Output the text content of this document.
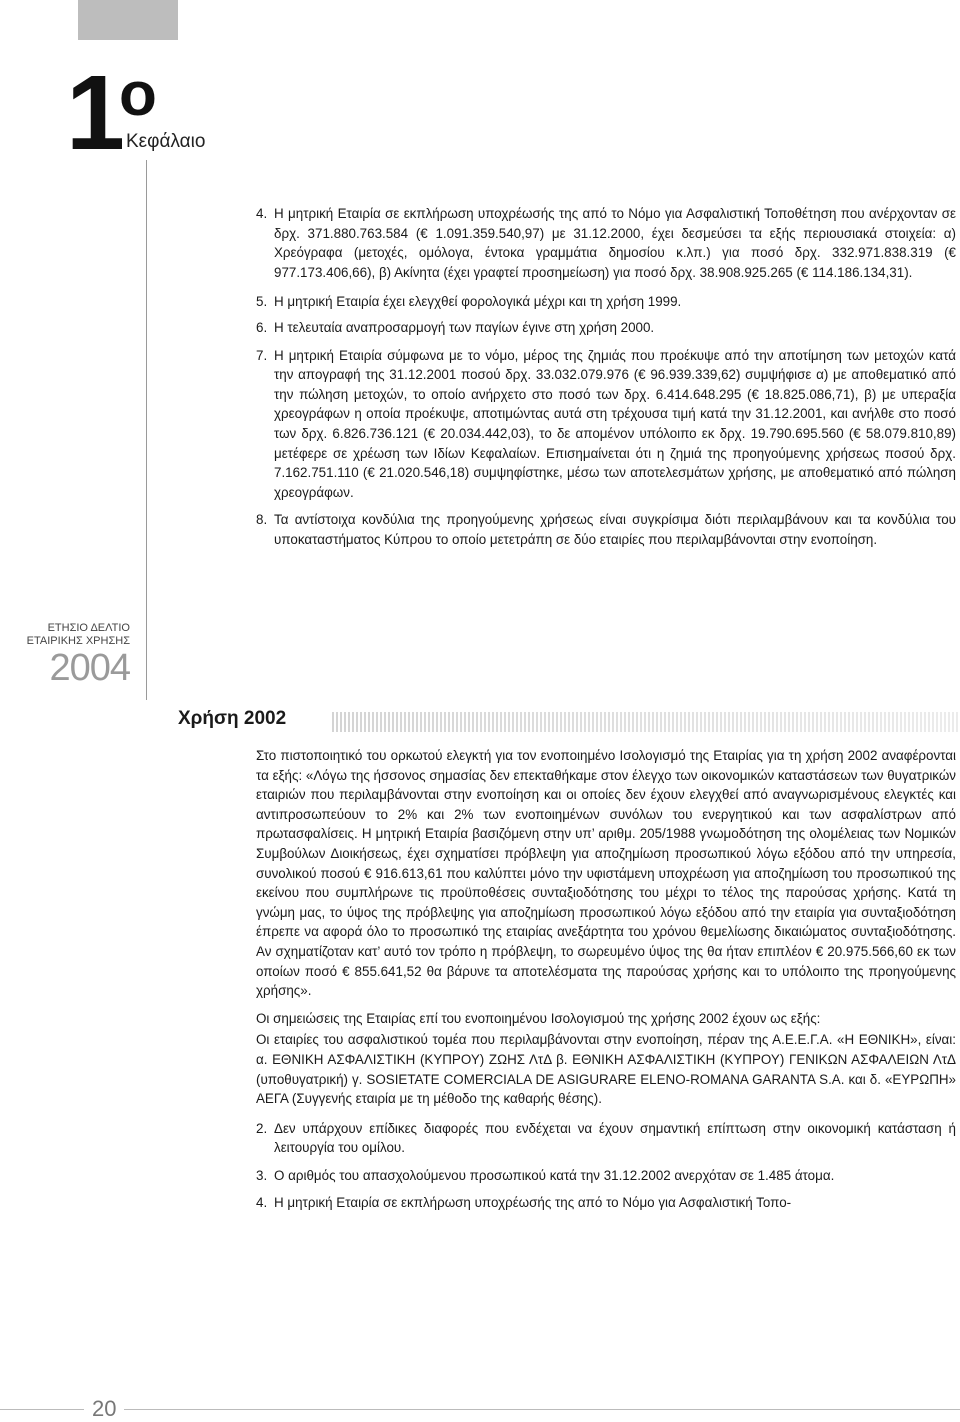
$1^o$
Κεφάλαιο
ΕΤΗΣΙΟ ΔΕΛΤΙΟ
ΕΤΑΙΡΙΚΗΣ ΧΡΗΣΗΣ
2004
4. Η μητρική Εταιρία σε εκπλήρωση υποχρέωσής της από το Νόμο για Ασφαλιστική Τοποθέτηση που ανέρχονταν σε δρχ. 371.880.763.584 (€ 1.091.359.540,97) με 31.12.2000, έχει δεσμεύσει τα εξής περιουσιακά στοιχεία: α) Χρεόγραφα (μετοχές, ομόλογα, έντοκα γραμμάτια δημοσίου κ.λπ.) για ποσό δρχ. 332.971.838.319 (€ 977.173.406,66), β) Ακίνητα (έχει γραφτεί προσημείωση) για ποσό δρχ. 38.908.925.265 (€ 114.186.134,31).
5. Η μητρική Εταιρία έχει ελεγχθεί φορολογικά μέχρι και τη χρήση 1999.
6. Η τελευταία αναπροσαρμογή των παγίων έγινε στη χρήση 2000.
7. Η μητρική Εταιρία σύμφωνα με το νόμο, μέρος της ζημιάς που προέκυψε από την αποτίμηση των μετοχών κατά την απογραφή της 31.12.2001 ποσού δρχ. 33.032.079.976 (€ 96.939.339,62) συμψήφισε α) με αποθεματικό από την πώληση μετοχών, το οποίο ανήρχετο στο ποσό των δρχ. 6.414.648.295 (€ 18.825.086,71), β) με υπεραξία χρεογράφων η οποία προέκυψε, αποτιμώντας αυτά στη τρέχουσα τιμή κατά την 31.12.2001, και ανήλθε στο ποσό των δρχ. 6.826.736.121 (€ 20.034.442,03), το δε απομένον υπόλοιπο εκ δρχ. 19.790.695.560 (€ 58.079.810,89) μετέφερε σε χρέωση των Ιδίων Κεφαλαίων. Επισημαίνεται ότι η ζημιά της προηγούμενης χρήσεως ποσού δρχ. 7.162.751.110 (€ 21.020.546,18) συμψηφίστηκε, μέσω των αποτελεσμάτων χρήσης, με αποθεματικό από πώληση χρεογράφων.
8. Τα αντίστοιχα κονδύλια της προηγούμενης χρήσεως είναι συγκρίσιμα διότι περιλαμβάνουν και τα κονδύλια του υποκαταστήματος Κύπρου το οποίο μετετράπη σε δύο εταιρίες που περιλαμβάνονται στην ενοποίηση.
Χρήση 2002

Στο πιστοποιητικό του ορκωτού ελεγκτή για τον ενοποιημένο Ισολογισμό της Εταιρίας για τη χρήση 2002 αναφέρονται τα εξής: «Λόγω της ήσσονος σημασίας δεν επεκταθήκαμε στον έλεγχο των οικονομικών καταστάσεων των θυγατρικών εταιριών που περιλαμβάνονται στην ενοποίηση και οι οποίες δεν έχουν ελεγχθεί από αναγνωρισμένους ελεγκτές και αντιπροσωπεύουν το 2% και 2% των ενοποιημένων συνόλων του ενεργητικού και των ασφαλίστρων από πρωτασφαλίσεις. Η μητρική Εταιρία βασιζόμενη στην υπ’ αριθμ. 205/1988 γνωμοδότηση της ολομέλειας των Νομικών Συμβούλων Διοικήσεως, έχει σχηματίσει πρόβλεψη για αποζημίωση προσωπικού λόγω εξόδου από την υπηρεσία, συνολικού ποσού € 916.613,61 που καλύπτει μόνο την υφιστάμενη υποχρέωση για αποζημίωση του προσωπικού της εκείνου που συμπλήρωνε τις προϋποθέσεις συνταξιοδότησης του μέχρι το τέλος της παρούσας χρήσης. Κατά τη γνώμη μας, το ύψος της πρόβλεψης για αποζημίωση προσωπικού λόγω εξόδου από την εταιρία για συνταξιοδότηση έπρεπε να αφορά όλο το προσωπικό της εταιρίας ανεξάρτητα του χρόνου θεμελίωσης δικαιώματος συνταξιοδότησης. Αν σχηματίζοταν κατ’ αυτό τον τρόπο η πρόβλεψη, το σωρευμένο ύψος της θα ήταν επιπλέον € 20.975.566,60 εκ των οποίων ποσό € 855.641,52 θα βάρυνε τα αποτελέσματα της παρούσας χρήσης και το υπόλοιπο της προηγούμενης χρήσης».

Οι σημειώσεις της Εταιρίας επί του ενοποιημένου Ισολογισμού της χρήσης 2002 έχουν ως εξής:

Οι εταιρίες του ασφαλιστικού τομέα που περιλαμβάνονται στην ενοποίηση, πέραν της Α.Ε.Ε.Γ.Α. «Η ΕΘΝΙΚΗ», είναι: α. ΕΘΝΙΚΗ ΑΣΦΑΛΙΣΤΙΚΗ (ΚΥΠΡΟΥ) ΖΩΗΣ ΛτΔ β. ΕΘΝΙΚΗ ΑΣΦΑΛΙΣΤΙΚΗ (ΚΥΠΡΟΥ) ΓΕΝΙΚΩΝ ΑΣΦΑΛΕΙΩΝ ΛτΔ (υποθυγατρική) γ. SOSIETATE COMERCIALA DE ASIGURARE ELENO-ROMANA GARANTA S.A. και δ. «ΕΥΡΩΠΗ» ΑΕΓΑ (Συγγενής εταιρία με τη μέθοδο της καθαρής θέσης).

2. Δεν υπάρχουν επίδικες διαφορές που ενδέχεται να έχουν σημαντική επίπτωση στην οικονομική κατάσταση ή λειτουργία του ομίλου.
3. Ο αριθμός του απασχολούμενου προσωπικού κατά την 31.12.2002 ανερχόταν σε 1.485 άτομα.
4. Η μητρική Εταιρία σε εκπλήρωση υποχρέωσής της από το Νόμο για Ασφαλιστική Τοπο-
20
